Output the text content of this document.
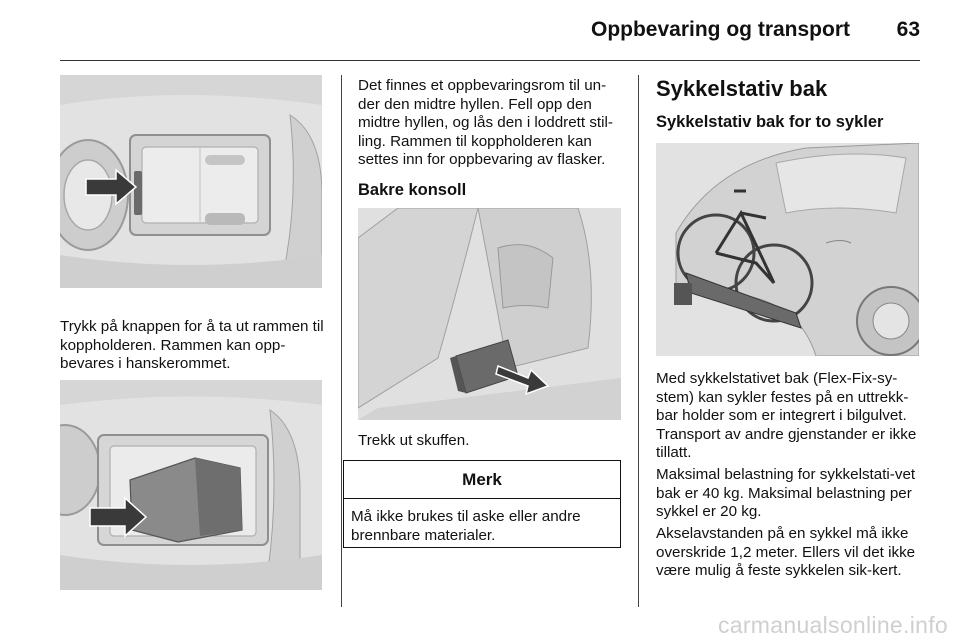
Oppbevaring og transport 63
Trykk på knappen for å ta ut rammen til koppholderen. Rammen kan opp-bevares i hanskerommet.
Det finnes et oppbevaringsrom til un-der den midtre hyllen. Fell opp den midtre hyllen, og lås den i loddrett stil-ling. Rammen til koppholderen kan settes inn for oppbevaring av flasker.
Bakre konsoll
Trekk ut skuffen.
Merk
Må ikke brukes til aske eller andre brennbare materialer.
Sykkelstativ bak
Sykkelstativ bak for to sykler
Med sykkelstativet bak (Flex-Fix-sy-stem) kan sykler festes på en uttrekk-bar holder som er integrert i bilgulvet. Transport av andre gjenstander er ikke tillatt.
Maksimal belastning for sykkelstati-vet bak er 40 kg. Maksimal belastning per sykkel er 20 kg.
Akselavstanden på en sykkel må ikke overskride 1,2 meter. Ellers vil det ikke være mulig å feste sykkelen sik-kert.
carmanualsonline.info
